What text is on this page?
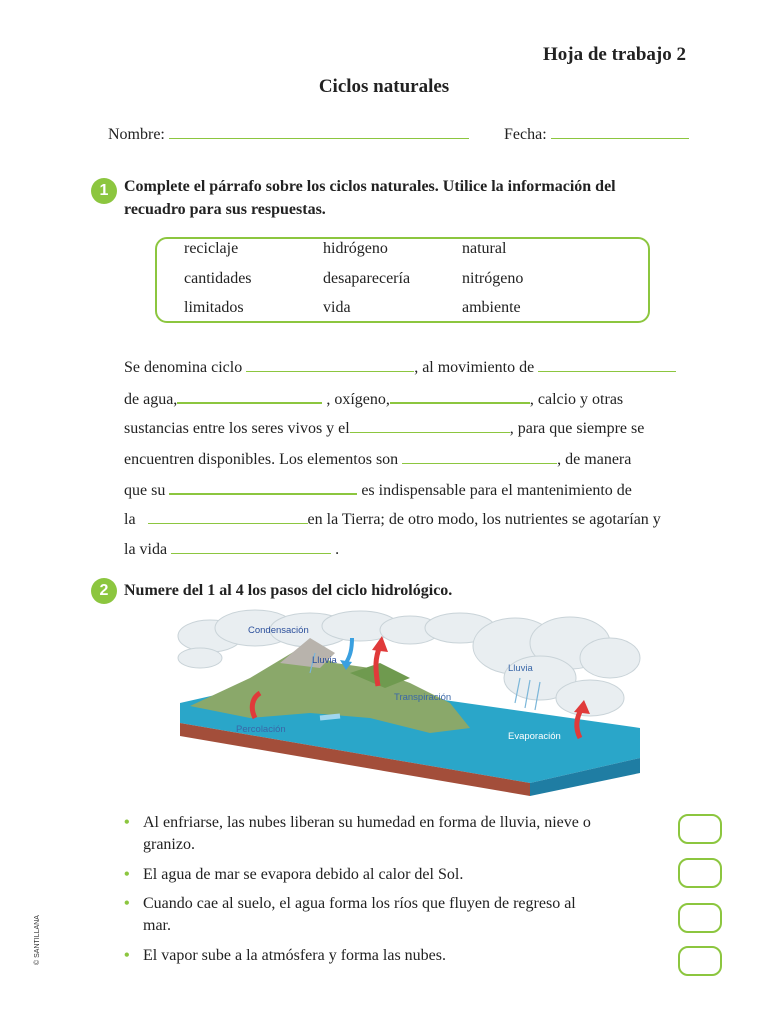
Hoja de trabajo 2
Ciclos naturales
Nombre:	Fecha:
1 Complete el párrafo sobre los ciclos naturales. Utilice la información del
recuadro para sus respuestas.
reciclaje	hidrógeno	natural
cantidades	desaparecería	nitrógeno
limitados	vida	ambiente
Se denomina ciclo	, al movimiento de
de agua,	, oxígeno,	, calcio y otras
sustancias entre los seres vivos y el	, para que siempre se
encuentren disponibles. Los elementos son	, de manera
que su	es indispensable para el mantenimiento de
la	en la Tierra; de otro modo, los nutrientes se agotarían y
la vida	.
2 Numere del 1 al 4 los pasos del ciclo hidrológico.
Condensación
Lluvia
Lluvia
Transpiración
Percolación
Evaporación
• Al enfriarse, las nubes liberan su humedad en forma de lluvia, nieve o
granizo.
• El agua de mar se evapora debido al calor del Sol.
• Cuando cae al suelo, el agua forma los ríos que fluyen de regreso al
mar.
• El vapor sube a la atmósfera y forma las nubes.
© SANTILLANA
